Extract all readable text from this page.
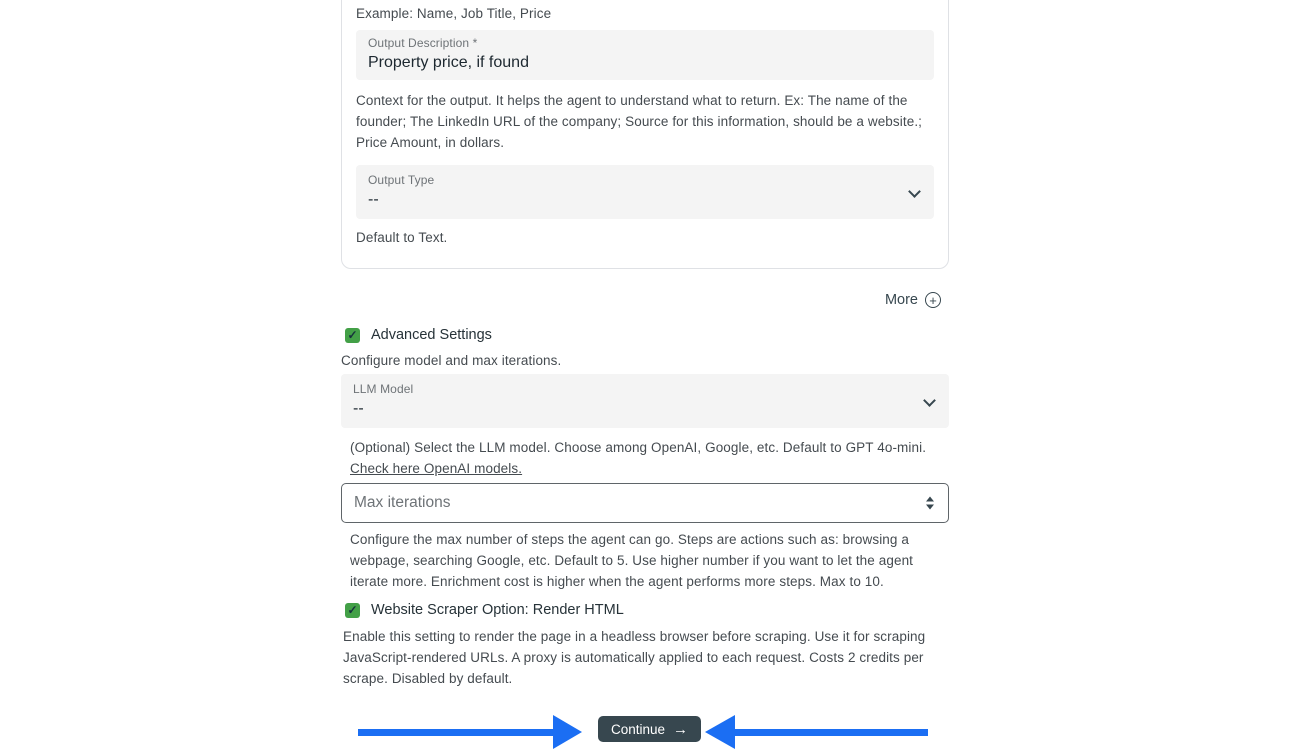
Example: Name, Job Title, Price
Output Description *
Property price, if found
Context for the output. It helps the agent to understand what to return. Ex: The name of the founder; The LinkedIn URL of the company; Source for this information, should be a website.; Price Amount, in dollars.
Output Type
--
Default to Text.
More +
✓ Advanced Settings
Configure model and max iterations.
LLM Model
--
(Optional) Select the LLM model. Choose among OpenAI, Google, etc. Default to GPT 4o-mini. Check here OpenAI models.
Max iterations
Configure the max number of steps the agent can go. Steps are actions such as: browsing a webpage, searching Google, etc. Default to 5. Use higher number if you want to let the agent iterate more. Enrichment cost is higher when the agent performs more steps. Max to 10.
✓ Website Scraper Option: Render HTML
Enable this setting to render the page in a headless browser before scraping. Use it for scraping JavaScript-rendered URLs. A proxy is automatically applied to each request. Costs 2 credits per scrape. Disabled by default.
Continue →
